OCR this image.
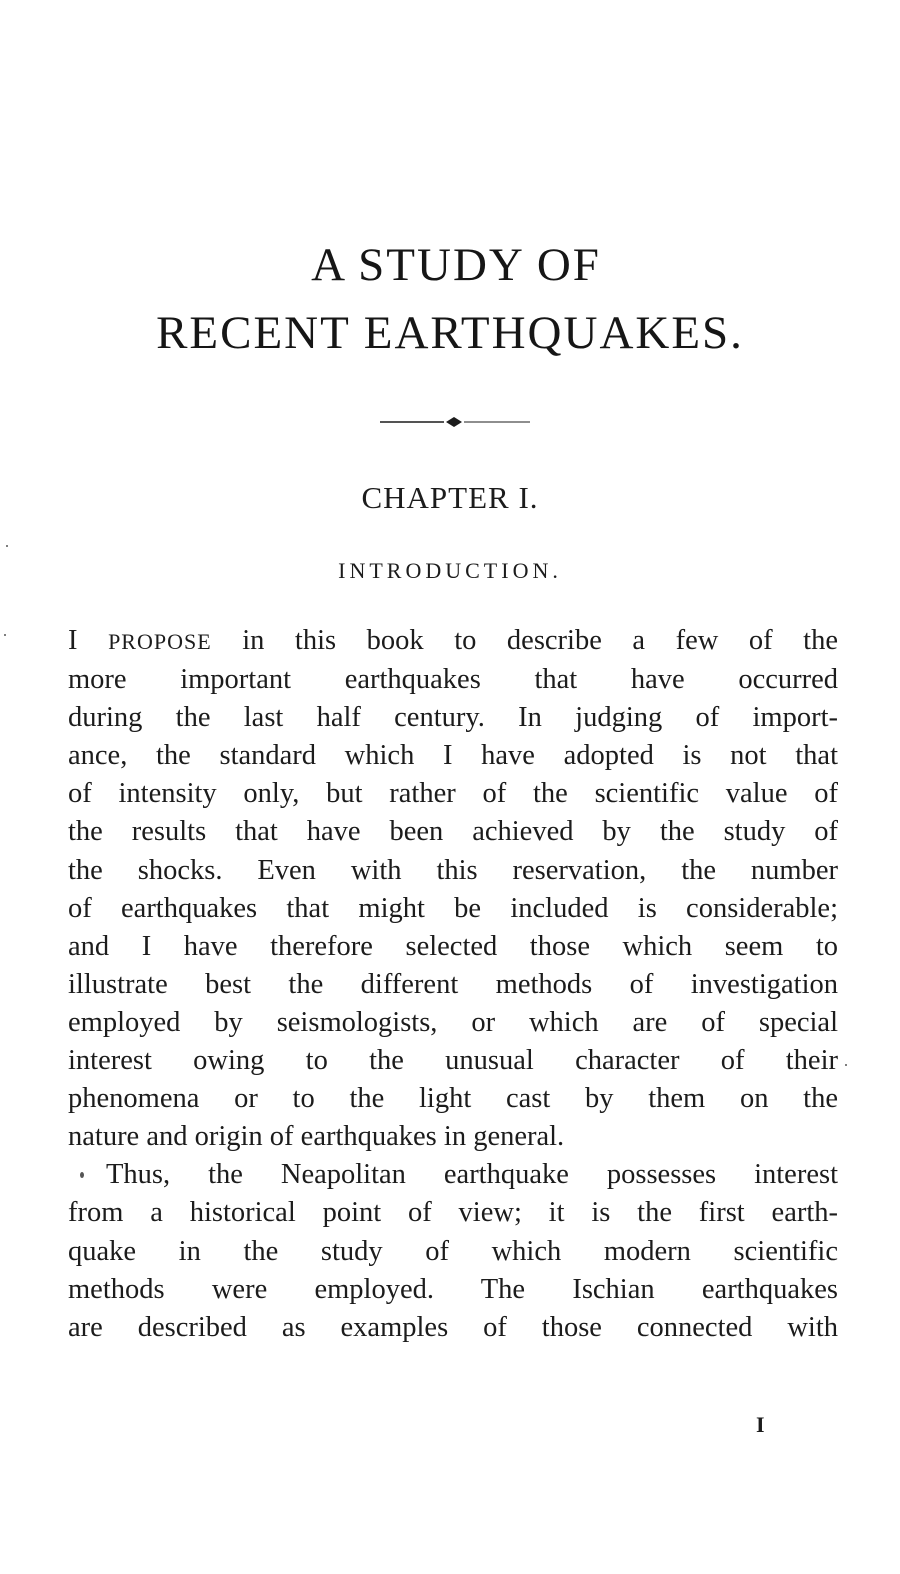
A STUDY OF
RECENT EARTHQUAKES.
CHAPTER I.
INTRODUCTION.
I PROPOSE in this book to describe a few of the
more important earthquakes that have occurred
during the last half century. In judging of import-
ance, the standard which I have adopted is not that
of intensity only, but rather of the scientific value of
the results that have been achieved by the study of
the shocks. Even with this reservation, the number
of earthquakes that might be included is considerable;
and I have therefore selected those which seem to
illustrate best the different methods of investigation
employed by seismologists, or which are of special
interest owing to the unusual character of their
phenomena or to the light cast by them on the
nature and origin of earthquakes in general.
Thus, the Neapolitan earthquake possesses interest
from a historical point of view; it is the first earth-
quake in the study of which modern scientific
methods were employed. The Ischian earthquakes
are described as examples of those connected with
I
